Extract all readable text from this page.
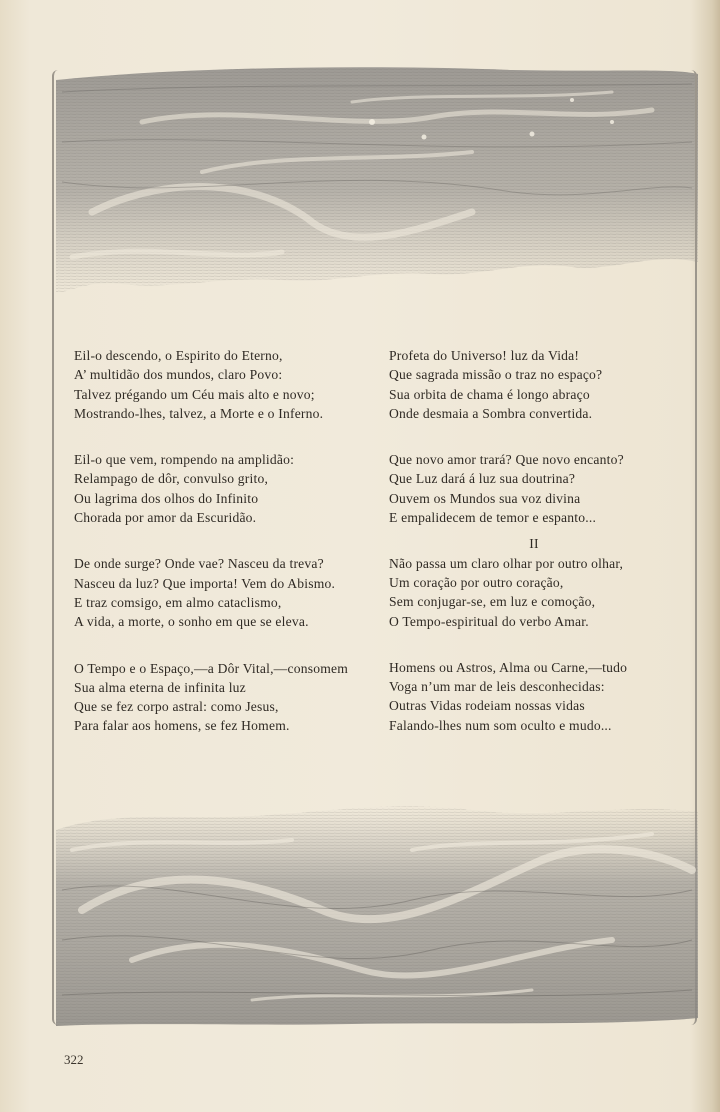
Eil-o descendo, o Espirito do Eterno,
A’ multidão dos mundos, claro Povo:
Talvez prégando um Céu mais alto e novo;
Mostrando-lhes, talvez, a Morte e o Inferno.

Eil-o que vem, rompendo na amplidão:
Relampago de dôr, convulso grito,
Ou lagrima dos olhos do Infinito
Chorada por amor da Escuridão.

De onde surge? Onde vae? Nasceu da treva?
Nasceu da luz? Que importa! Vem do Abismo.
E traz comsigo, em almo cataclismo,
A vida, a morte, o sonho em que se eleva.

O Tempo e o Espaço,—a Dôr Vital,—consomem
Sua alma eterna de infinita luz
Que se fez corpo astral: como Jesus,
Para falar aos homens, se fez Homem.

Profeta do Universo! luz da Vida!
Que sagrada missão o traz no espaço?
Sua orbita de chama é longo abraço
Onde desmaia a Sombra convertida.

Que novo amor trará? Que novo encanto?
Que Luz dará á luz sua doutrina?
Ouvem os Mundos sua voz divina
E empalidecem de temor e espanto...

II

Não passa um claro olhar por outro olhar,
Um coração por outro coração,
Sem conjugar-se, em luz e comoção,
O Tempo-espiritual do verbo Amar.

Homens ou Astros, Alma ou Carne,—tudo
Voga n’um mar de leis desconhecidas:
Outras Vidas rodeiam nossas vidas
Falando-lhes num som oculto e mudo...

322
